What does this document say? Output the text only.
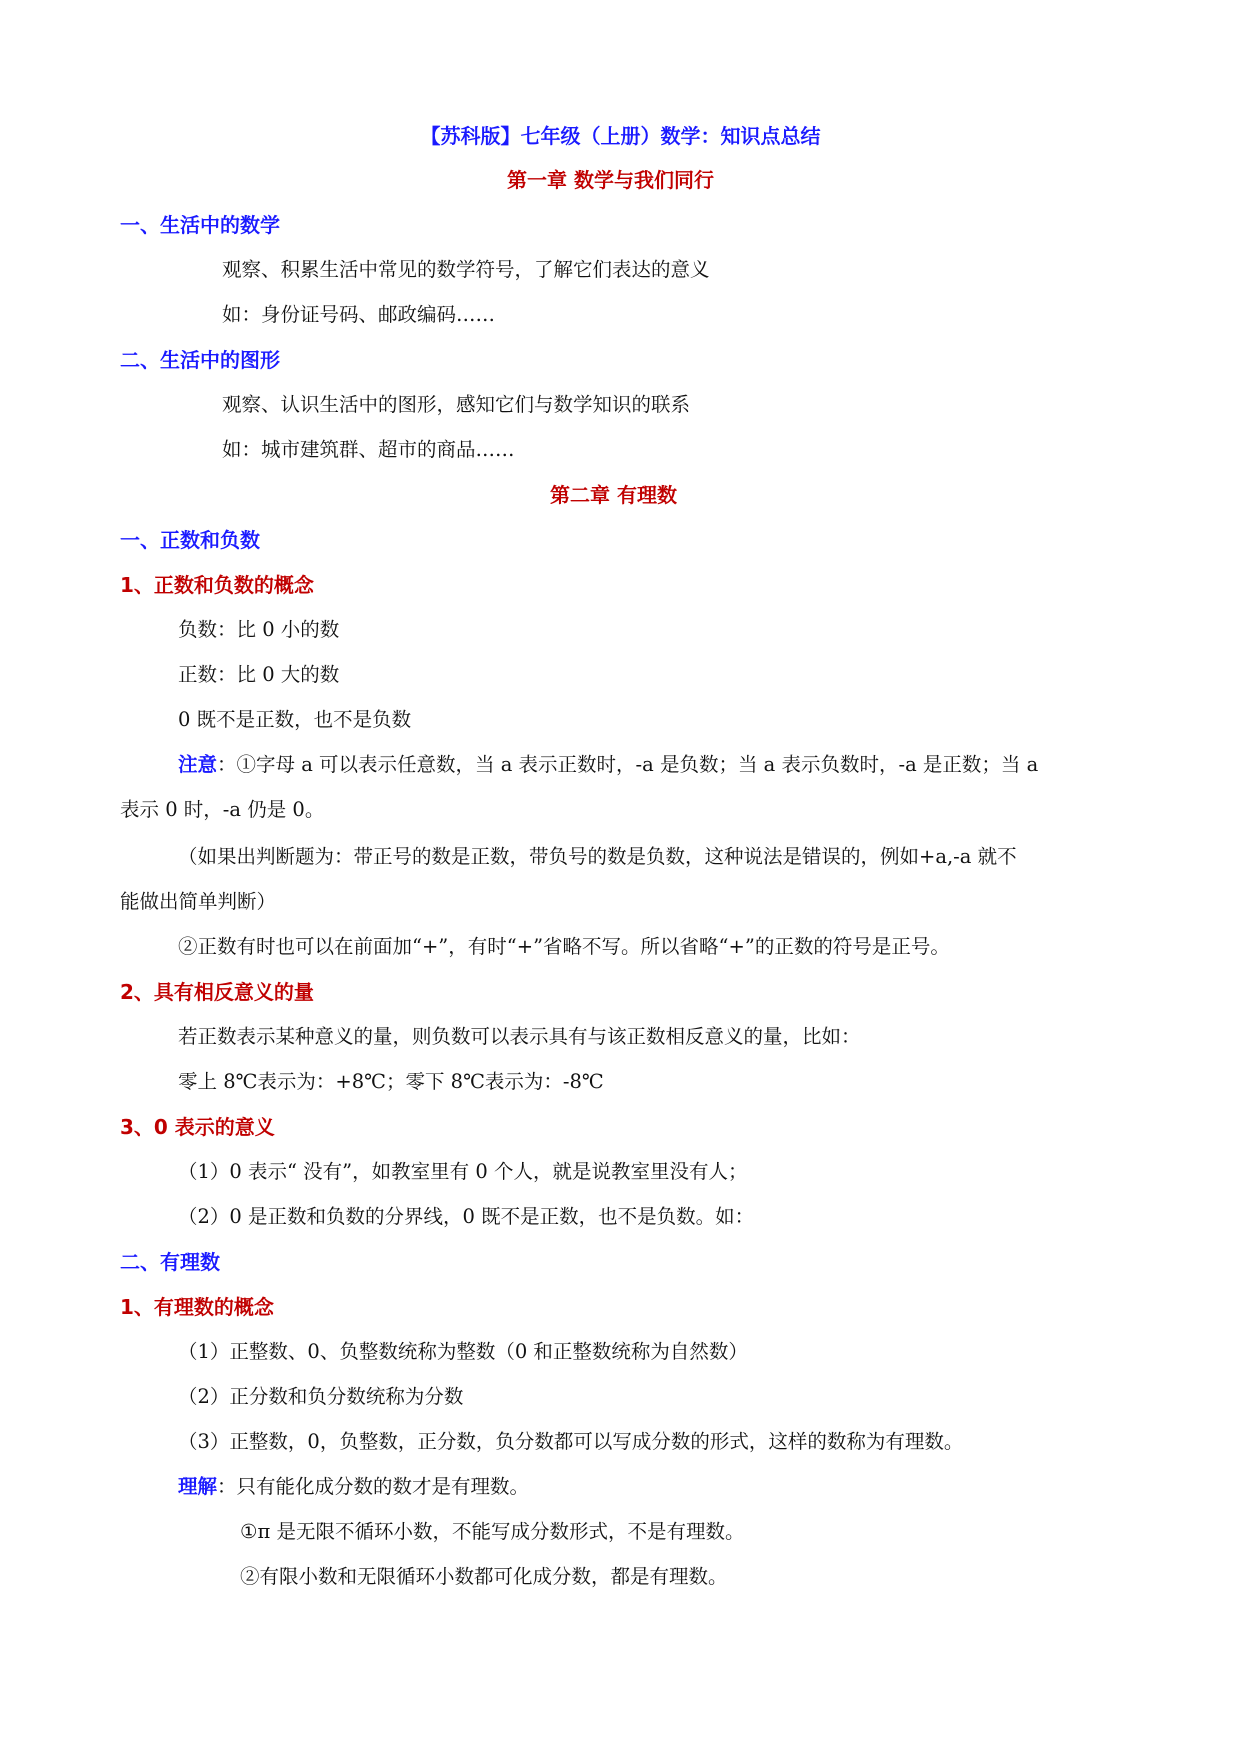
【苏科版】七年级（上册）数学：知识点总结
第一章 数学与我们同行
一、生活中的数学
观察、积累生活中常见的数学符号，了解它们表达的意义
如：身份证号码、邮政编码……
二、生活中的图形
观察、认识生活中的图形，感知它们与数学知识的联系
如：城市建筑群、超市的商品……
第二章 有理数
一、正数和负数
1、正数和负数的概念
负数：比 0 小的数
正数：比 0 大的数
0 既不是正数，也不是负数
注意：①字母 a 可以表示任意数，当 a 表示正数时，-a 是负数；当 a 表示负数时，-a 是正数；当 a
表示 0 时，-a 仍是 0。
（如果出判断题为：带正号的数是正数，带负号的数是负数，这种说法是错误的，例如+a,-a 就不
能做出简单判断）
②正数有时也可以在前面加“+”，有时“+”省略不写。所以省略“+”的正数的符号是正号。
2、具有相反意义的量
若正数表示某种意义的量，则负数可以表示具有与该正数相反意义的量，比如：
零上 8℃表示为：+8℃；零下 8℃表示为：-8℃
3、0 表示的意义
（1）0 表示“ 没有”，如教室里有 0 个人，就是说教室里没有人；
（2）0 是正数和负数的分界线，0 既不是正数，也不是负数。如：
二、有理数
1、有理数的概念
（1）正整数、0、负整数统称为整数（0 和正整数统称为自然数）
（2）正分数和负分数统称为分数
（3）正整数，0，负整数，正分数，负分数都可以写成分数的形式，这样的数称为有理数。
理解：只有能化成分数的数才是有理数。
①π 是无限不循环小数，不能写成分数形式，不是有理数。
②有限小数和无限循环小数都可化成分数，都是有理数。
